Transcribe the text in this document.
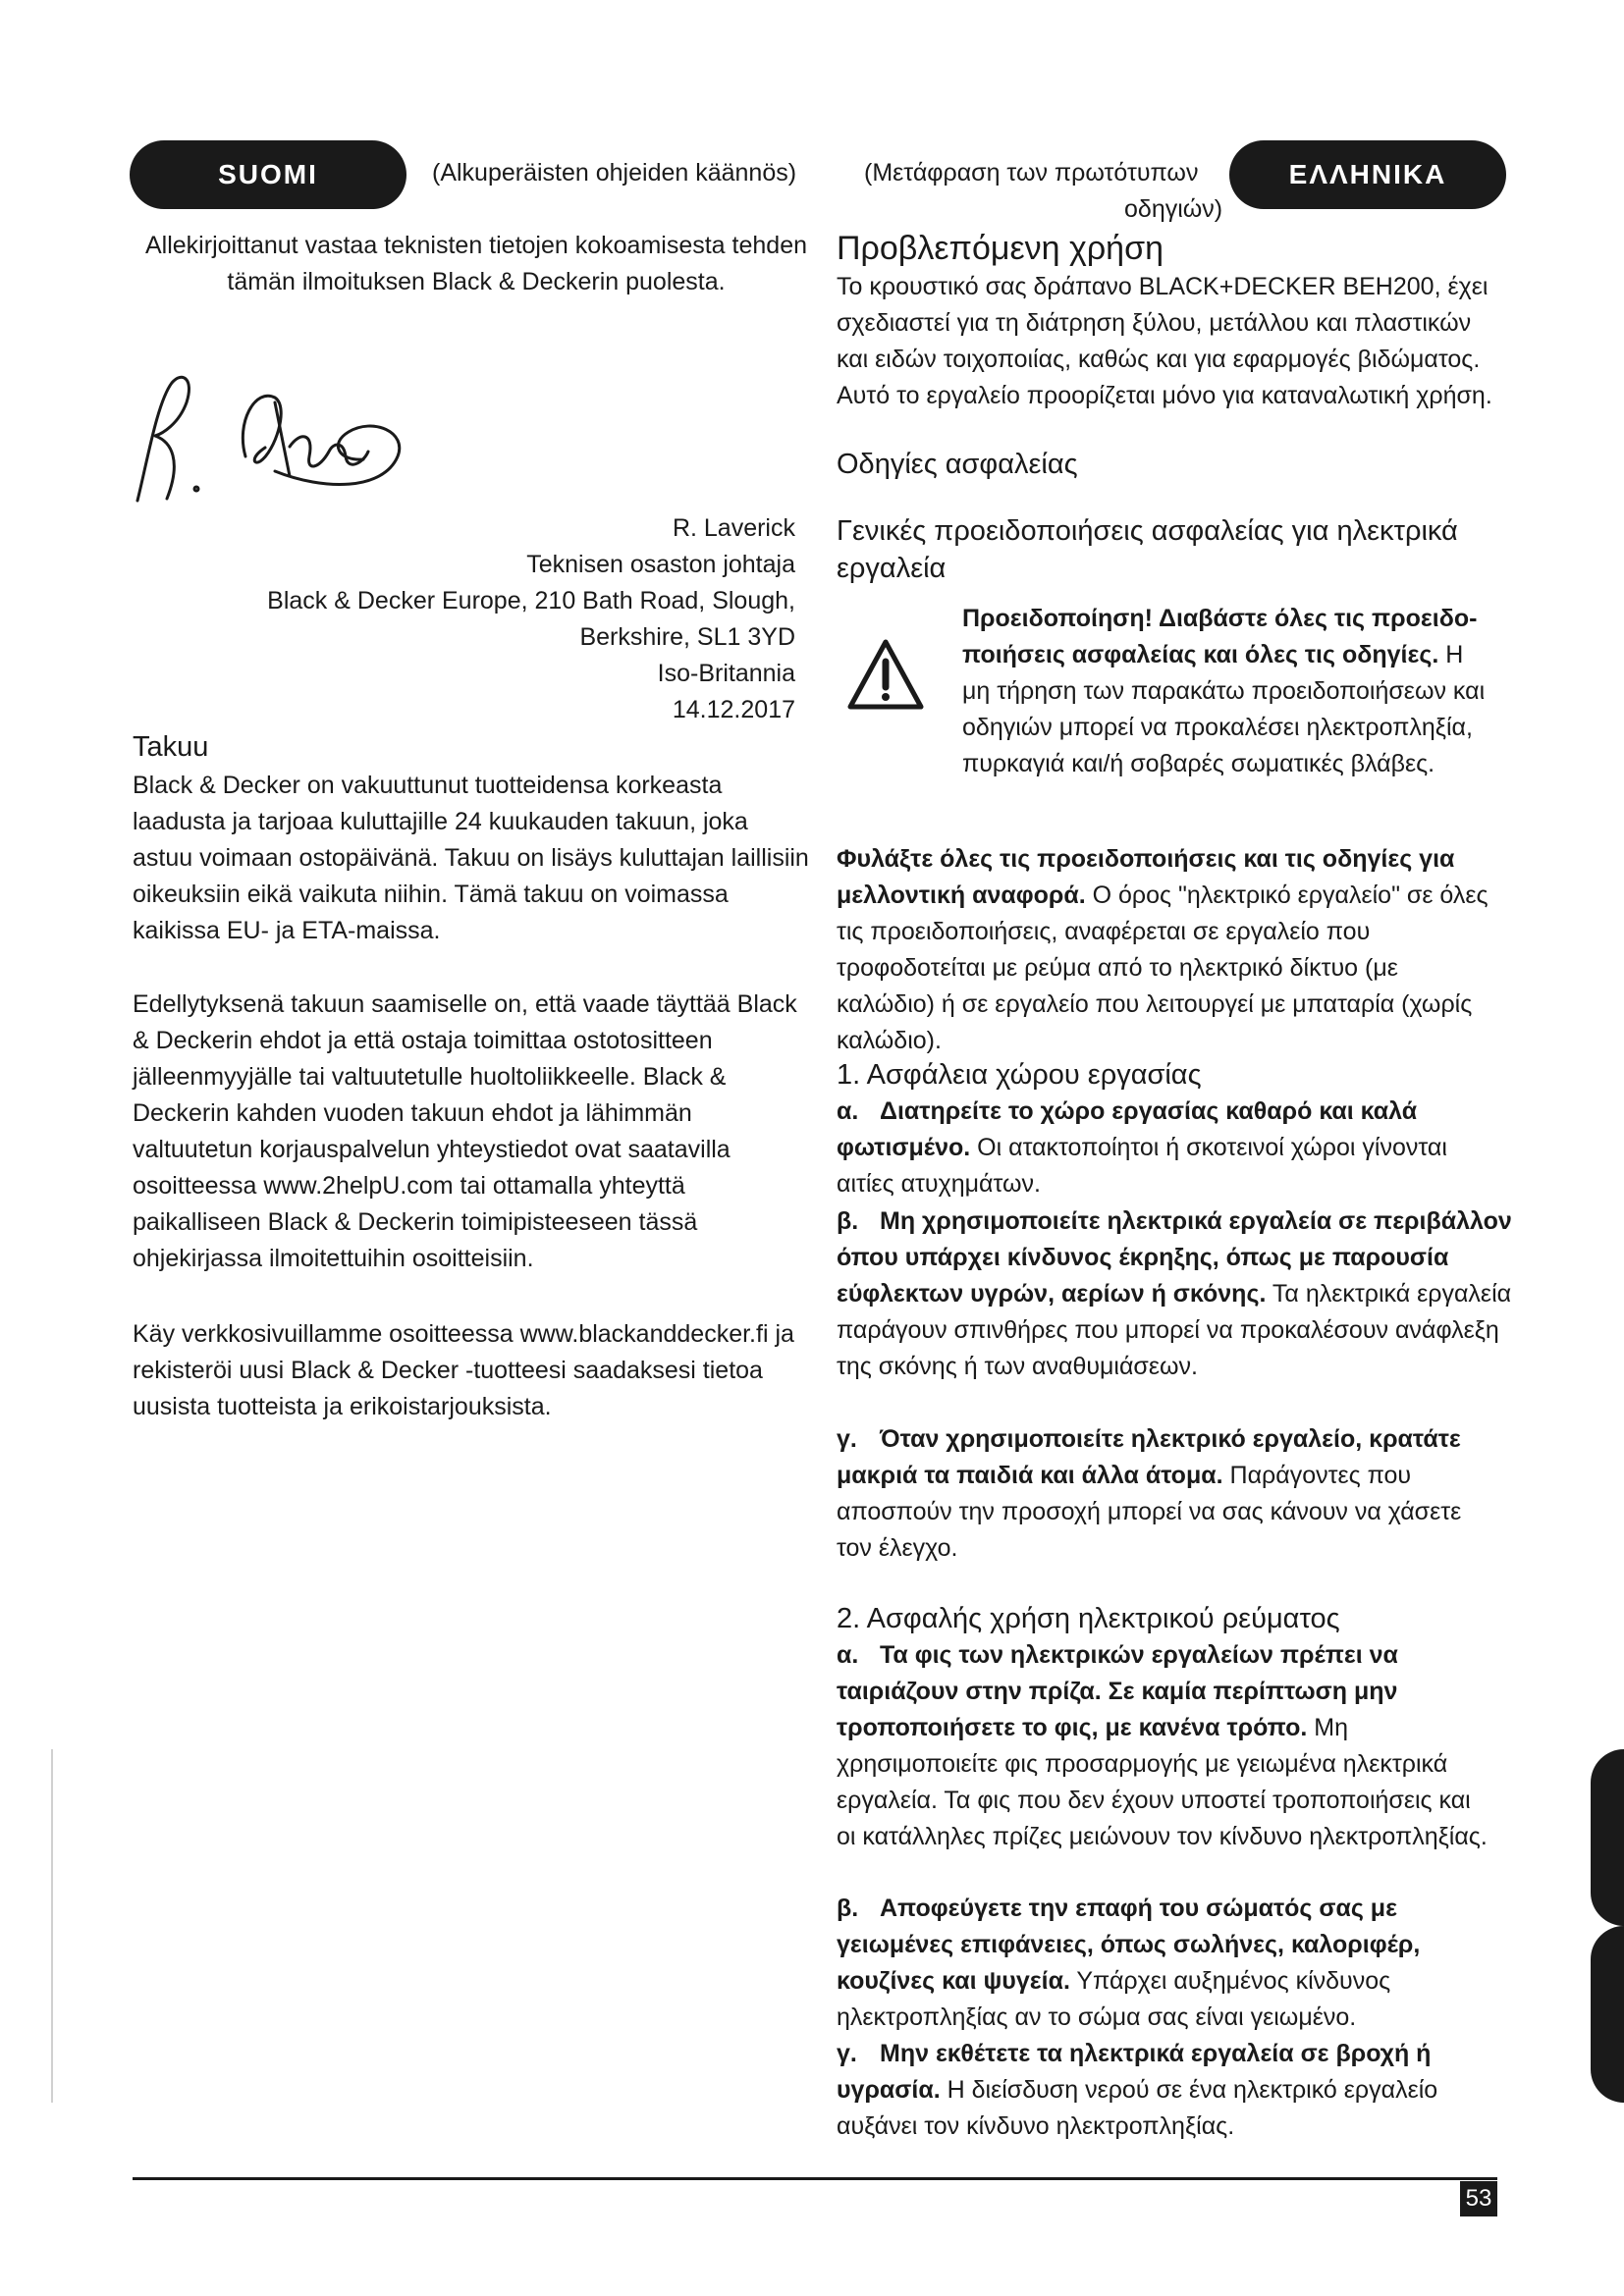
SUOMI	(Alkuperäisten ohjeiden käännös)

Allekirjoittanut vastaa teknisten tietojen kokoamisesta tehden tämän ilmoituksen Black & Deckerin puolesta.

R. Laverick
Teknisen osaston johtaja
Black & Decker Europe, 210 Bath Road, Slough,
Berkshire, SL1 3YD
Iso-Britannia
14.12.2017
Takuu

Black & Decker on vakuuttunut tuotteidensa korkeasta laadusta ja tarjoaa kuluttajille 24 kuukauden takuun, joka astuu voimaan ostopäivänä. Takuu on lisäys kuluttajan laillisiin oikeuksiin eikä vaikuta niihin. Tämä takuu on voimassa kaikissa EU- ja ETA-maissa.

Edellytyksenä takuun saamiselle on, että vaade täyttää Black & Deckerin ehdot ja että ostaja toimittaa ostotositteen jälleenmyyjälle tai valtuutetulle huoltoliikkeelle. Black & Deckerin kahden vuoden takuun ehdot ja lähimmän valtuutetun korjauspalvelun yhteystiedot ovat saatavilla osoitteessa www.2helpU.com tai ottamalla yhteyttä paikalliseen Black & Deckerin toimipisteeseen tässä ohjekirjassa ilmoitettuihin osoitteisiin.

Käy verkkosivuillamme osoitteessa www.blackanddecker.fi ja rekisteröi uusi Black & Decker -tuotteesi saadaksesi tietoa uusista tuotteista ja erikoistarjouksista.

(Μετάφραση των πρωτότυπων
οδηγιών)
ΕΛΛΗΝΙΚΑ
Προβλεπόμενη χρήση

Το κρουστικό σας δράπανο BLACK+DECKER BEH200, έχει σχεδιαστεί για τη διάτρηση ξύλου, μετάλλου και πλαστικών και ειδών τοιχοποιίας, καθώς και για εφαρμογές βιδώματος. Αυτό το εργαλείο προορίζεται μόνο για καταναλωτική χρήση.

Οδηγίες ασφαλείας
Γενικές προειδοποιήσεις ασφαλείας για ηλεκτρικά εργαλεία

Προειδοποίηση! Διαβάστε όλες τις προειδοποιήσεις ασφαλείας και όλες τις οδηγίες. Η μη τήρηση των παρακάτω προειδοποιήσεων και οδηγιών μπορεί να προκαλέσει ηλεκτροπληξία, πυρκαγιά και/ή σοβαρές σωματικές βλάβες.

Φυλάξτε όλες τις προειδοποιήσεις και τις οδηγίες για μελλοντική αναφορά. Ο όρος "ηλεκτρικό εργαλείο" σε όλες τις προειδοποιήσεις, αναφέρεται σε εργαλείο που τροφοδοτείται με ρεύμα από το ηλεκτρικό δίκτυο (με καλώδιο) ή σε εργαλείο που λειτουργεί με μπαταρία (χωρίς καλώδιο).

1. Ασφάλεια χώρου εργασίας
α. Διατηρείτε το χώρο εργασίας καθαρό και καλά φωτισμένο. Οι ατακτοποίητοι ή σκοτεινοί χώροι γίνονται αιτίες ατυχημάτων.
β. Μη χρησιμοποιείτε ηλεκτρικά εργαλεία σε περιβάλλον όπου υπάρχει κίνδυνος έκρηξης, όπως με παρουσία εύφλεκτων υγρών, αερίων ή σκόνης. Τα ηλεκτρικά εργαλεία παράγουν σπινθήρες που μπορεί να προκαλέσουν ανάφλεξη της σκόνης ή των αναθυμιάσεων.
γ. Όταν χρησιμοποιείτε ηλεκτρικό εργαλείο, κρατάτε μακριά τα παιδιά και άλλα άτομα. Παράγοντες που αποσπούν την προσοχή μπορεί να σας κάνουν να χάσετε τον έλεγχο.
2. Ασφαλής χρήση ηλεκτρικού ρεύματος
α. Τα φις των ηλεκτρικών εργαλείων πρέπει να ταιριάζουν στην πρίζα. Σε καμία περίπτωση μην τροποποιήσετε το φις, με κανένα τρόπο. Μη χρησιμοποιείτε φις προσαρμογής με γειωμένα ηλεκτρικά εργαλεία. Τα φις που δεν έχουν υποστεί τροποποιήσεις και οι κατάλληλες πρίζες μειώνουν τον κίνδυνο ηλεκτροπληξίας.
β. Αποφεύγετε την επαφή του σώματός σας με γειωμένες επιφάνειες, όπως σωλήνες, καλοριφέρ, κουζίνες και ψυγεία. Υπάρχει αυξημένος κίνδυνος ηλεκτροπληξίας αν το σώμα σας είναι γειωμένο.
γ. Μην εκθέτετε τα ηλεκτρικά εργαλεία σε βροχή ή υγρασία. Η διείσδυση νερού σε ένα ηλεκτρικό εργαλείο αυξάνει τον κίνδυνο ηλεκτροπληξίας.
53
